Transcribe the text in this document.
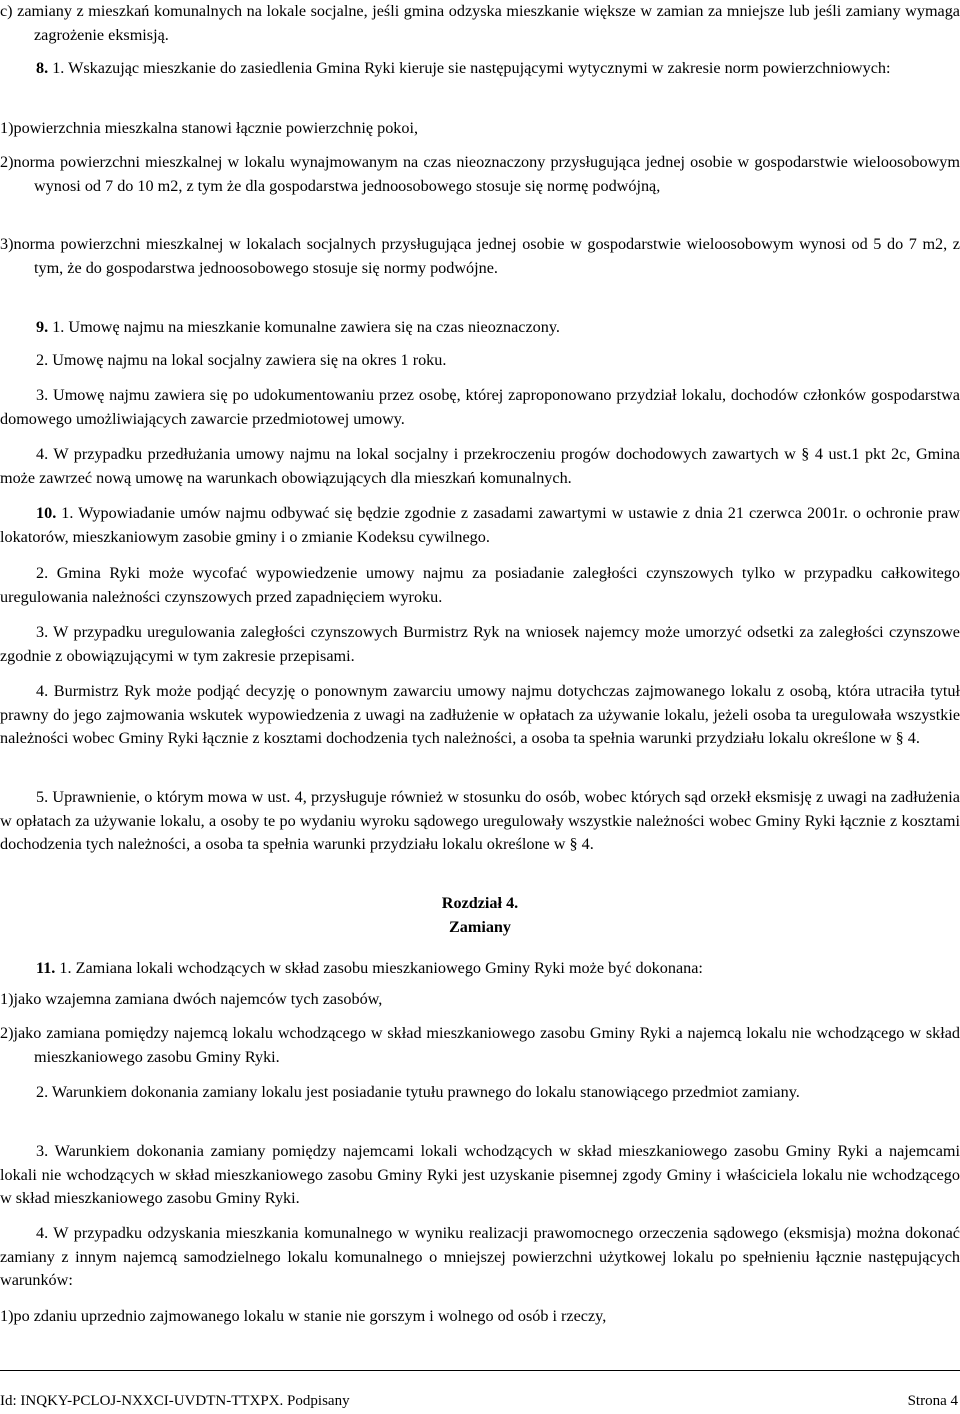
c) zamiany z mieszkań komunalnych na lokale socjalne, jeśli gmina odzyska mieszkanie większe w zamian za mniejsze lub jeśli zamiany wymaga zagrożenie eksmisją.

8. 1. Wskazując mieszkanie do zasiedlenia Gmina Ryki kieruje sie następującymi wytycznymi w zakresie norm powierzchniowych:

1)powierzchnia mieszkalna stanowi łącznie powierzchnię pokoi,

2)norma powierzchni mieszkalnej w lokalu wynajmowanym na czas nieoznaczony przysługująca jednej osobie w gospodarstwie wieloosobowym wynosi od 7 do 10 m2, z tym że dla gospodarstwa jednoosobowego stosuje się normę podwójną,

3)norma powierzchni mieszkalnej w lokalach socjalnych przysługująca jednej osobie w gospodarstwie wieloosobowym wynosi od 5 do 7 m2, z tym, że do gospodarstwa jednoosobowego stosuje się normy podwójne.

9. 1. Umowę najmu na mieszkanie komunalne zawiera się na czas nieoznaczony.

2. Umowę najmu na lokal socjalny zawiera się na okres 1 roku.

3. Umowę najmu zawiera się po udokumentowaniu przez osobę, której zaproponowano przydział lokalu, dochodów członków gospodarstwa domowego umożliwiających zawarcie przedmiotowej umowy.

4. W przypadku przedłużania umowy najmu na lokal socjalny i przekroczeniu progów dochodowych zawartych w § 4 ust.1 pkt 2c, Gmina może zawrzeć nową umowę na warunkach obowiązujących dla mieszkań komunalnych.

10. 1. Wypowiadanie umów najmu odbywać się będzie zgodnie z zasadami zawartymi w ustawie z dnia 21 czerwca 2001r. o ochronie praw lokatorów, mieszkaniowym zasobie gminy i o zmianie Kodeksu cywilnego.

2. Gmina Ryki może wycofać wypowiedzenie umowy najmu za posiadanie zaległości czynszowych tylko w przypadku całkowitego uregulowania należności czynszowych przed zapadnięciem wyroku.

3. W przypadku uregulowania zaległości czynszowych Burmistrz Ryk na wniosek najemcy może umorzyć odsetki za zaległości czynszowe zgodnie z obowiązującymi w tym zakresie przepisami.

4. Burmistrz Ryk może podjąć decyzję o ponownym zawarciu umowy najmu dotychczas zajmowanego lokalu z osobą, która utraciła tytuł prawny do jego zajmowania wskutek wypowiedzenia z uwagi na zadłużenie w opłatach za używanie lokalu, jeżeli osoba ta uregulowała wszystkie należności wobec Gminy Ryki łącznie z kosztami dochodzenia tych należności, a osoba ta spełnia warunki przydziału lokalu określone w § 4.

5. Uprawnienie, o którym mowa w ust. 4, przysługuje również w stosunku do osób, wobec których sąd orzekł eksmisję z uwagi na zadłużenia w opłatach za używanie lokalu, a osoby te po wydaniu wyroku sądowego uregulowały wszystkie należności wobec Gminy Ryki łącznie z kosztami dochodzenia tych należności, a osoba ta spełnia warunki przydziału lokalu określone w § 4.

Rozdział 4.
Zamiany

11. 1. Zamiana lokali wchodzących w skład zasobu mieszkaniowego Gminy Ryki może być dokonana:

1)jako wzajemna zamiana dwóch najemców tych zasobów,

2)jako zamiana pomiędzy najemcą lokalu wchodzącego w skład mieszkaniowego zasobu Gminy Ryki a najemcą lokalu nie wchodzącego w skład mieszkaniowego zasobu Gminy Ryki.

2. Warunkiem dokonania zamiany lokalu jest posiadanie tytułu prawnego do lokalu stanowiącego przedmiot zamiany.

3. Warunkiem dokonania zamiany pomiędzy najemcami lokali wchodzących w skład mieszkaniowego zasobu Gminy Ryki a najemcami lokali nie wchodzących w skład mieszkaniowego zasobu Gminy Ryki jest uzyskanie pisemnej zgody Gminy i właściciela lokalu nie wchodzącego w skład mieszkaniowego zasobu Gminy Ryki.

4. W przypadku odzyskania mieszkania komunalnego w wyniku realizacji prawomocnego orzeczenia sądowego (eksmisja) można dokonać zamiany z innym najemcą samodzielnego lokalu komunalnego o mniejszej powierzchni użytkowej lokalu po spełnieniu łącznie następujących warunków:

1)po zdaniu uprzednio zajmowanego lokalu w stanie nie gorszym i wolnego od osób i rzeczy,

Id: INQKY-PCLOJ-NXXCI-UVDTN-TTXPX. Podpisany	Strona 4
